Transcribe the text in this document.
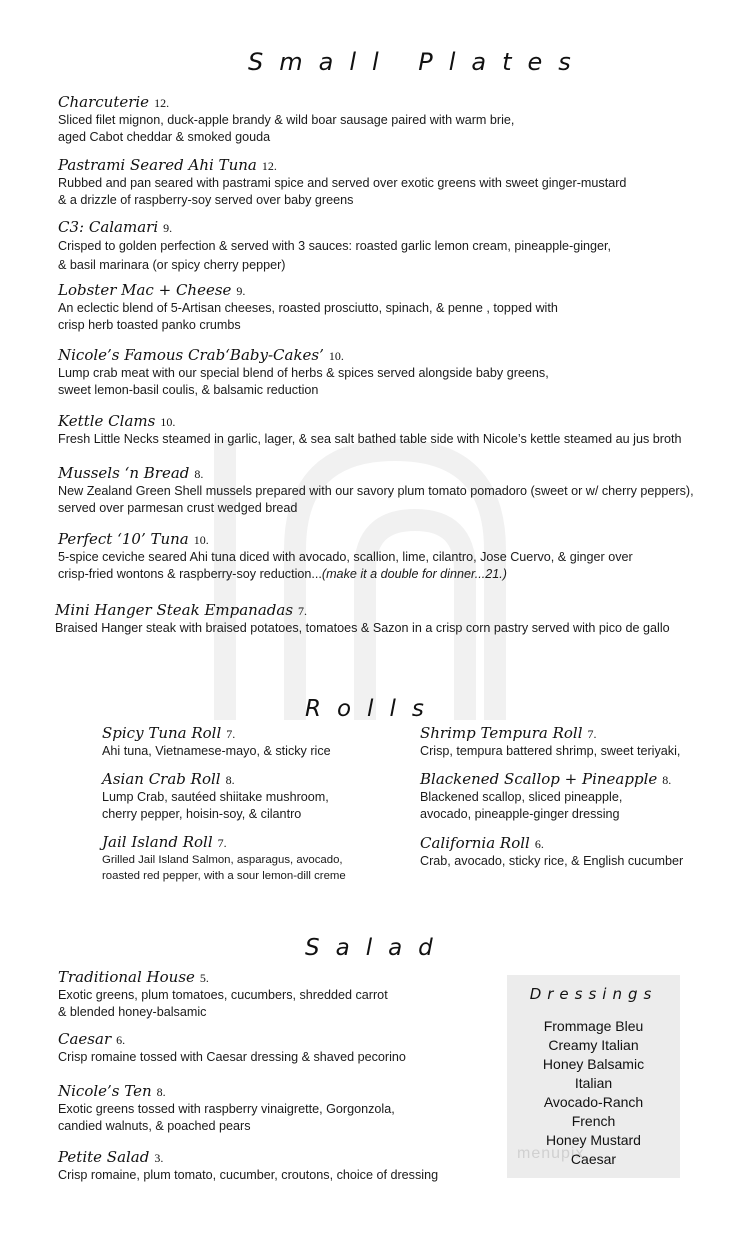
Small Plates
Charcuterie 12.
Sliced filet mignon, duck-apple brandy & wild boar sausage paired with warm brie,
aged Cabot cheddar & smoked gouda
Pastrami Seared Ahi Tuna 12.
Rubbed and pan seared with pastrami spice and served over exotic greens with sweet ginger-mustard
& a drizzle of raspberry-soy served over baby greens
C3: Calamari 9.
Crisped to golden perfection & served with 3 sauces: roasted garlic lemon cream, pineapple-ginger,
& basil marinara (or spicy cherry pepper)
Lobster Mac + Cheese 9.
An eclectic blend of 5-Artisan cheeses, roasted prosciutto, spinach, & penne , topped with
crisp herb toasted panko crumbs
Nicole’s Famous Crab‘Baby-Cakes’ 10.
Lump crab meat with our special blend of herbs & spices served alongside baby greens,
sweet lemon-basil coulis, & balsamic reduction
Kettle Clams 10.
Fresh Little Necks steamed in garlic, lager, & sea salt bathed table side with Nicole’s kettle steamed au jus broth
Mussels ‘n Bread 8.
New Zealand Green Shell mussels prepared with our savory plum tomato pomadoro (sweet or w/ cherry peppers),
served over parmesan crust wedged bread
Perfect ‘10’ Tuna 10.
5-spice ceviche seared Ahi tuna diced with avocado, scallion, lime, cilantro, Jose Cuervo, & ginger over
crisp-fried wontons & raspberry-soy reduction...(make it a double for dinner...21.)
Mini Hanger Steak Empanadas 7.
Braised Hanger steak with braised potatoes, tomatoes & Sazon in a crisp corn pastry served with pico de gallo
Rolls
Spicy Tuna Roll 7.
Ahi tuna, Vietnamese-mayo, & sticky rice
Asian Crab Roll 8.
Lump Crab, sautéed shiitake mushroom,
cherry pepper, hoisin-soy, & cilantro
Jail Island Roll 7.
Grilled Jail Island Salmon, asparagus, avocado,
roasted red pepper, with a sour lemon-dill creme
Shrimp Tempura Roll 7.
Crisp, tempura battered shrimp, sweet teriyaki,
Blackened Scallop + Pineapple 8.
Blackened scallop, sliced pineapple,
avocado, pineapple-ginger dressing
California Roll 6.
Crab, avocado, sticky rice, & English cucumber
Salad
Traditional House 5.
Exotic greens, plum tomatoes, cucumbers, shredded carrot
& blended honey-balsamic
Caesar 6.
Crisp romaine tossed with Caesar dressing & shaved pecorino
Nicole’s Ten 8.
Exotic greens tossed with raspberry vinaigrette, Gorgonzola,
candied walnuts, & poached pears
Petite Salad 3.
Crisp romaine, plum tomato, cucumber, croutons, choice of dressing
Dressings
menupix
Frommage Bleu
Creamy Italian
Honey Balsamic
Italian
Avocado-Ranch
French
Honey Mustard
Caesar
